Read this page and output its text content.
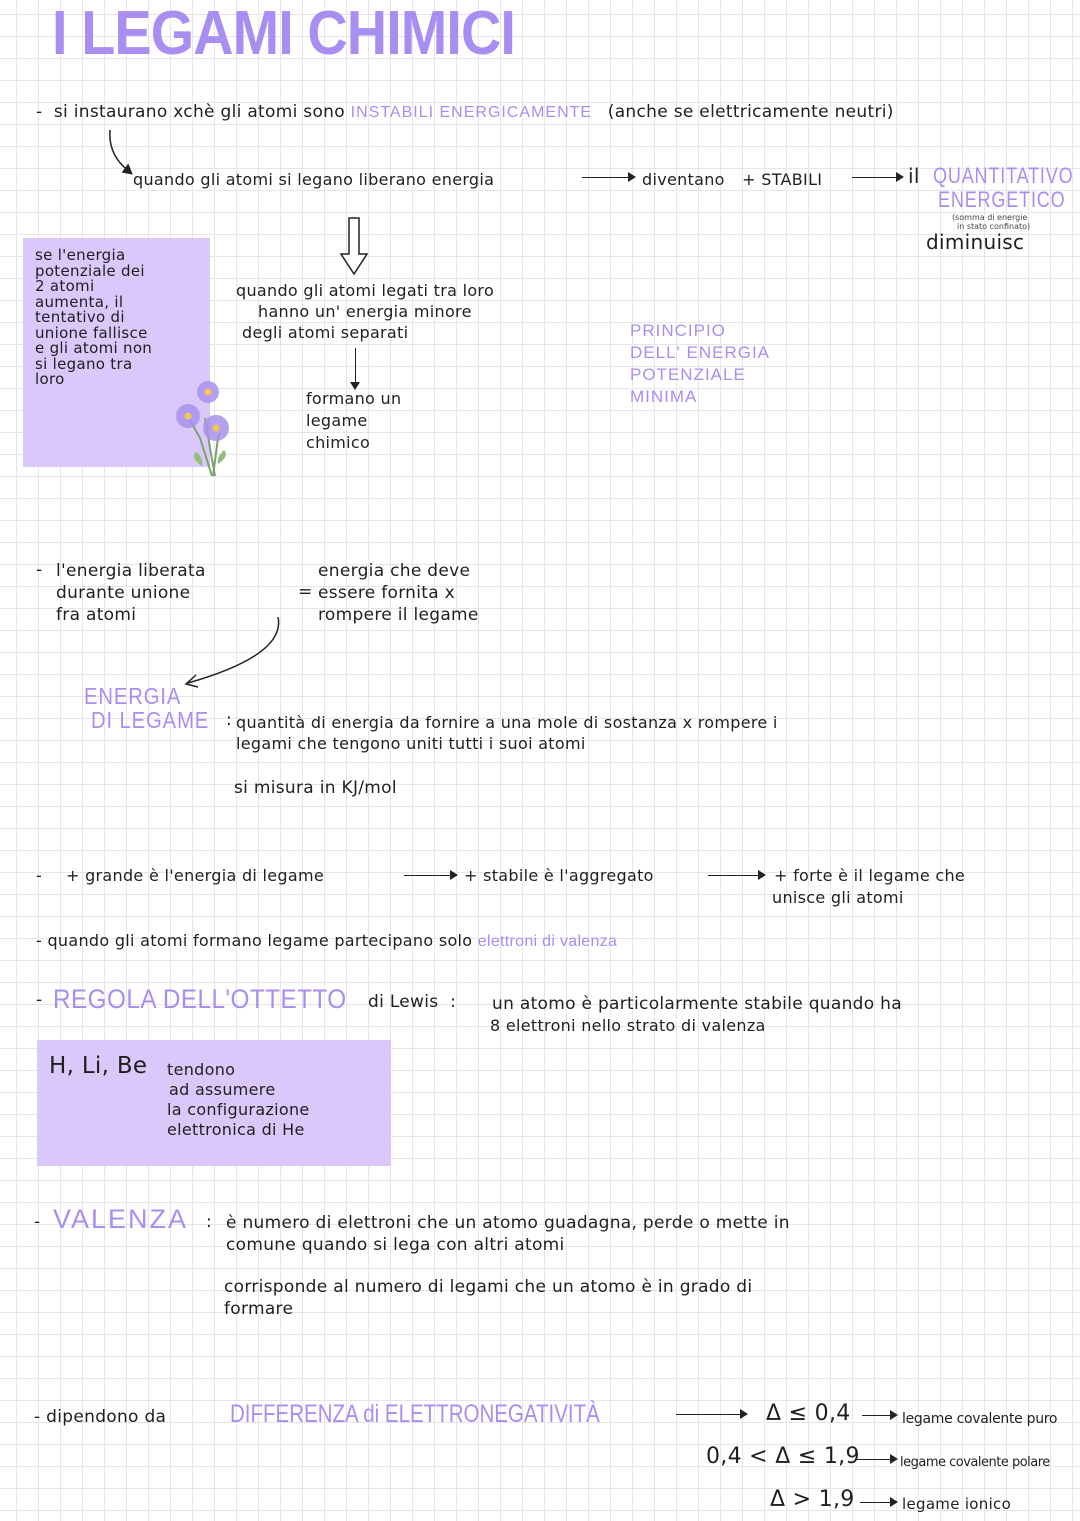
I LEGAMI CHIMICI
- si instaurano xchè gli atomi sono INSTABILI ENERGICAMENTE (anche se elettricamente neutri)
quando gli atomi si legano liberano energia	diventano + STABILI	il QUANTITATIVO
ENERGETICO
(somma di energie
in stato confinato)
diminuisc
se l'energia
potenziale dei
2 atomi
aumenta, il
tentativo di
unione fallisce
e gli atomi non
si legano tra
loro
quando gli atomi legati tra loro
hanno un' energia minore
degli atomi separati
formano un
legame
chimico
PRINCIPIO
DELL' ENERGIA
POTENZIALE
MINIMA
- l'energia liberata
durante unione
fra atomi
=
energia che deve
essere fornita x
rompere il legame
ENERGIA
DI LEGAME : quantità di energia da fornire a una mole di sostanza x rompere i
legami che tengono uniti tutti i suoi atomi
si misura in KJ/mol
- + grande è l'energia di legame	+ stabile è l'aggregato	+ forte è il legame che
unisce gli atomi
- quando gli atomi formano legame partecipano solo elettroni di valenza
- REGOLA DELL'OTTETTO di Lewis : un atomo è particolarmente stabile quando ha
8 elettroni nello strato di valenza
H, Li, Be tendono
ad assumere
la configurazione
elettronica di He
- VALENZA : è numero di elettroni che un atomo guadagna, perde o mette in
comune quando si lega con altri atomi
corrisponde al numero di legami che un atomo è in grado di
formare
- dipendono da	DIFFERENZA di ELETTRONEGATIVITÀ	Δ ≤ 0,4	legame covalente puro
0,4 < Δ ≤ 1,9	legame covalente polare
Δ > 1,9	legame ionico
